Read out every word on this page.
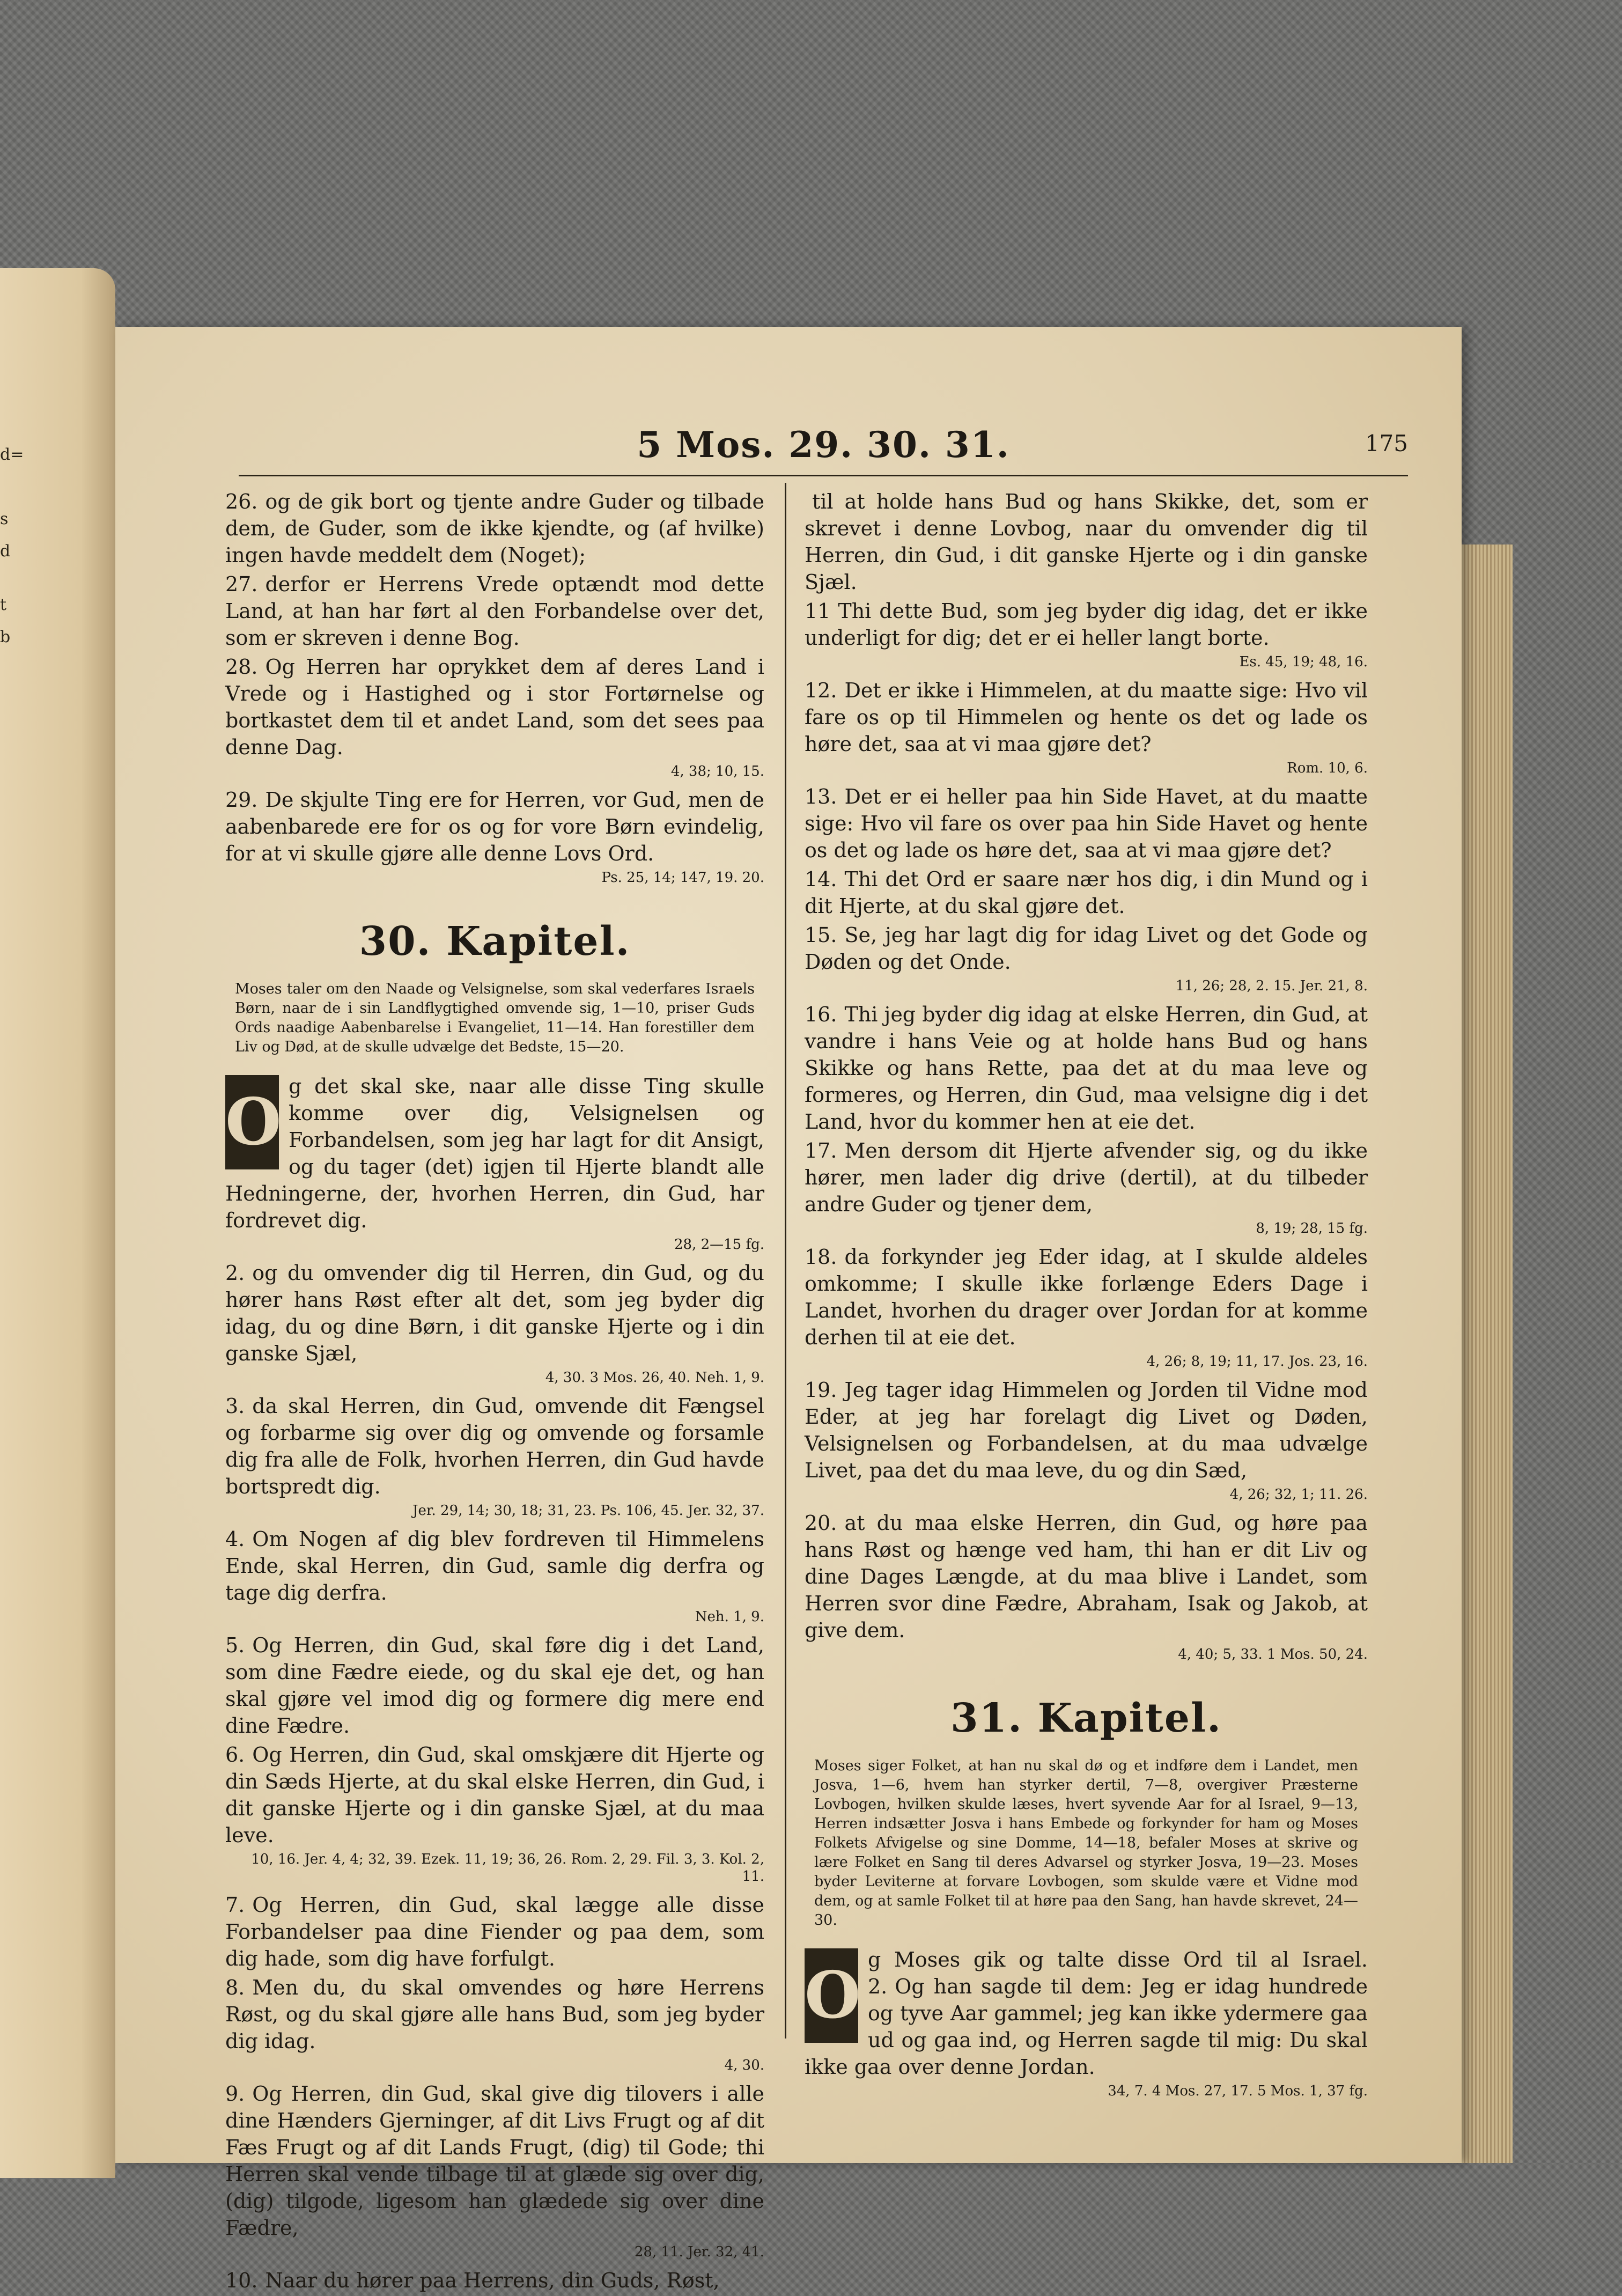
d=
s
d
t
b
5 Mos. 29. 30. 31.	175

26. og de gik bort og tjente andre Guder og tilbade dem, de Guder, som de ikke kjendte, og (af hvilke) ingen havde meddelt dem (Noget);

27. derfor er Herrens Vrede optændt mod dette Land, at han har ført al den Forbandelse over det, som er skreven i denne Bog.

28. Og Herren har oprykket dem af deres Land i Vrede og i Hastighed og i stor Fortørnelse og bortkastet dem til et andet Land, som det sees paa denne Dag.

4, 38; 10, 15.

29. De skjulte Ting ere for Herren, vor Gud, men de aabenbarede ere for os og for vore Børn evindelig, for at vi skulle gjøre alle denne Lovs Ord.

Ps. 25, 14; 147, 19. 20.

30. Kapitel.

Moses taler om den Naade og Velsignelse, som skal vederfares Israels Børn, naar de i sin Landflygtighed omvende sig, 1—10, priser Guds Ords naadige Aabenbarelse i Evangeliet, 11—14. Han forestiller dem Liv og Død, at de skulle udvælge det Bedste, 15—20.

O g det skal ske, naar alle disse Ting skulle komme over dig, Velsignelsen og Forbandelsen, som jeg har lagt for dit Ansigt, og du tager (det) igjen til Hjerte blandt alle Hedningerne, der, hvorhen Herren, din Gud, har fordrevet dig.

28, 2—15 fg.

2. og du omvender dig til Herren, din Gud, og du hører hans Røst efter alt det, som jeg byder dig idag, du og dine Børn, i dit ganske Hjerte og i din ganske Sjæl,

4, 30. 3 Mos. 26, 40. Neh. 1, 9.

3. da skal Herren, din Gud, omvende dit Fængsel og forbarme sig over dig og omvende og forsamle dig fra alle de Folk, hvorhen Herren, din Gud havde bortspredt dig.

Jer. 29, 14; 30, 18; 31, 23. Ps. 106, 45. Jer. 32, 37.

4. Om Nogen af dig blev fordreven til Himmelens Ende, skal Herren, din Gud, samle dig derfra og tage dig derfra.

Neh. 1, 9.

5. Og Herren, din Gud, skal føre dig i det Land, som dine Fædre eiede, og du skal eje det, og han skal gjøre vel imod dig og formere dig mere end dine Fædre.

6. Og Herren, din Gud, skal omskjære dit Hjerte og din Sæds Hjerte, at du skal elske Herren, din Gud, i dit ganske Hjerte og i din ganske Sjæl, at du maa leve.

10, 16. Jer. 4, 4; 32, 39. Ezek. 11, 19; 36, 26. Rom. 2, 29. Fil. 3, 3. Kol. 2, 11.

7. Og Herren, din Gud, skal lægge alle disse Forbandelser paa dine Fiender og paa dem, som dig hade, som dig have forfulgt.

8. Men du, du skal omvendes og høre Herrens Røst, og du skal gjøre alle hans Bud, som jeg byder dig idag.

4, 30.

9. Og Herren, din Gud, skal give dig tilovers i alle dine Hænders Gjerninger, af dit Livs Frugt og af dit Fæs Frugt og af dit Lands Frugt, (dig) til Gode; thi Herren skal vende tilbage til at glæde sig over dig, (dig) tilgode, ligesom han glædede sig over dine Fædre,

28, 11. Jer. 32, 41.

10. Naar du hører paa Herrens, din Guds, Røst,

til at holde hans Bud og hans Skikke, det, som er skrevet i denne Lovbog, naar du omvender dig til Herren, din Gud, i dit ganske Hjerte og i din ganske Sjæl.

11 Thi dette Bud, som jeg byder dig idag, det er ikke underligt for dig; det er ei heller langt borte.

Es. 45, 19; 48, 16.

12. Det er ikke i Himmelen, at du maatte sige: Hvo vil fare os op til Himmelen og hente os det og lade os høre det, saa at vi maa gjøre det?

Rom. 10, 6.

13. Det er ei heller paa hin Side Havet, at du maatte sige: Hvo vil fare os over paa hin Side Havet og hente os det og lade os høre det, saa at vi maa gjøre det?

14. Thi det Ord er saare nær hos dig, i din Mund og i dit Hjerte, at du skal gjøre det.

15. Se, jeg har lagt dig for idag Livet og det Gode og Døden og det Onde.

11, 26; 28, 2. 15. Jer. 21, 8.

16. Thi jeg byder dig idag at elske Herren, din Gud, at vandre i hans Veie og at holde hans Bud og hans Skikke og hans Rette, paa det at du maa leve og formeres, og Herren, din Gud, maa velsigne dig i det Land, hvor du kommer hen at eie det.

17. Men dersom dit Hjerte afvender sig, og du ikke hører, men lader dig drive (dertil), at du tilbeder andre Guder og tjener dem,

8, 19; 28, 15 fg.

18. da forkynder jeg Eder idag, at I skulde aldeles omkomme; I skulle ikke forlænge Eders Dage i Landet, hvorhen du drager over Jordan for at komme derhen til at eie det.

4, 26; 8, 19; 11, 17. Jos. 23, 16.

19. Jeg tager idag Himmelen og Jorden til Vidne mod Eder, at jeg har forelagt dig Livet og Døden, Velsignelsen og Forbandelsen, at du maa udvælge Livet, paa det du maa leve, du og din Sæd,

4, 26; 32, 1; 11. 26.

20. at du maa elske Herren, din Gud, og høre paa hans Røst og hænge ved ham, thi han er dit Liv og dine Dages Længde, at du maa blive i Landet, som Herren svor dine Fædre, Abraham, Isak og Jakob, at give dem.

4, 40; 5, 33. 1 Mos. 50, 24.

31. Kapitel.

Moses siger Folket, at han nu skal dø og et indføre dem i Landet, men Josva, 1—6, hvem han styrker dertil, 7—8, overgiver Præsterne Lovbogen, hvilken skulde læses, hvert syvende Aar for al Israel, 9—13, Herren indsætter Josva i hans Embede og forkynder for ham og Moses Folkets Afvigelse og sine Domme, 14—18, befaler Moses at skrive og lære Folket en Sang til deres Advarsel og styrker Josva, 19—23. Moses byder Leviterne at forvare Lovbogen, som skulde være et Vidne mod dem, og at samle Folket til at høre paa den Sang, han havde skrevet, 24—30.

O g Moses gik og talte disse Ord til al Israel. 2. Og han sagde til dem: Jeg er idag hundrede og tyve Aar gammel; jeg kan ikke ydermere gaa ud og gaa ind, og Herren sagde til mig: Du skal ikke gaa over denne Jordan.

34, 7. 4 Mos. 27, 17. 5 Mos. 1, 37 fg.
